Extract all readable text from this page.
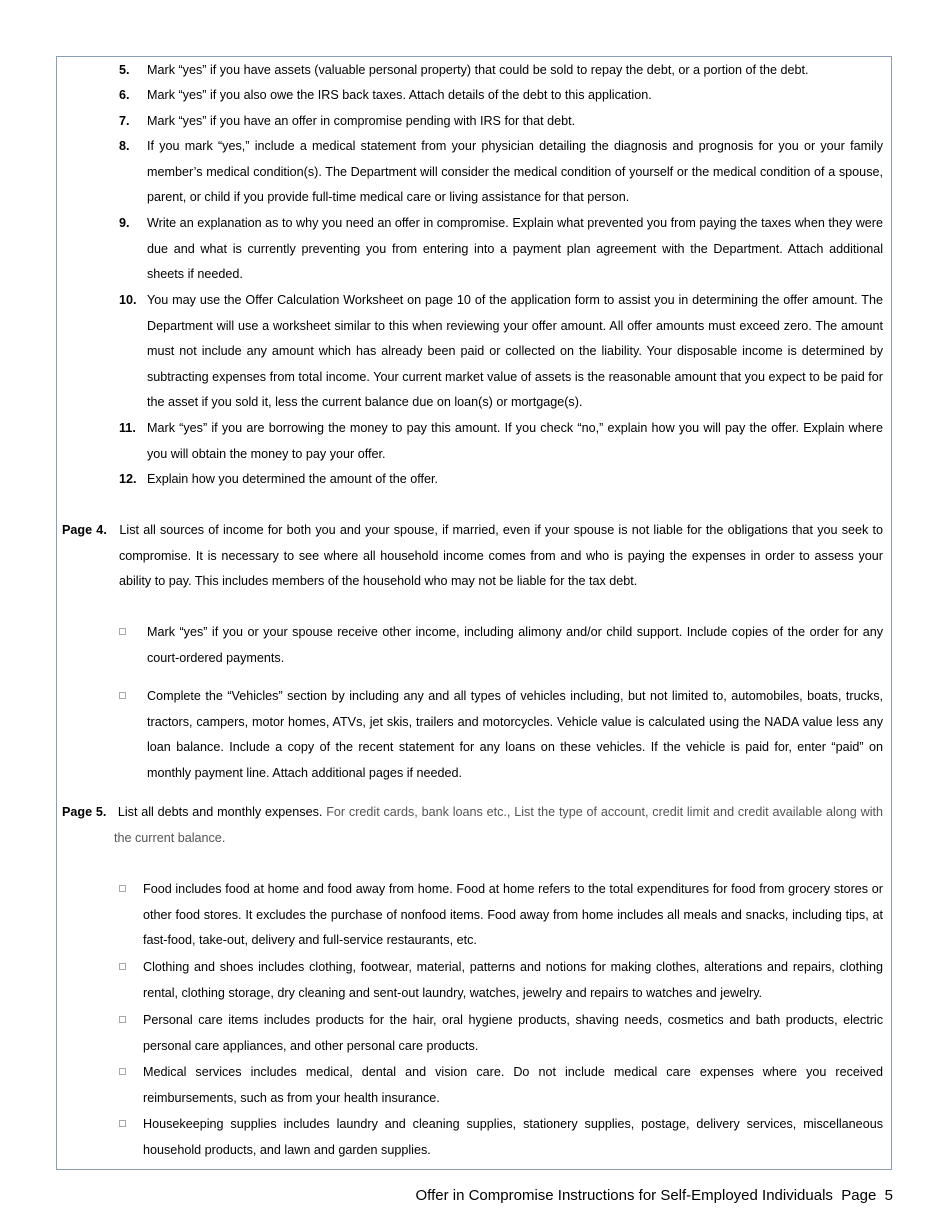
5.	Mark “yes” if you have assets (valuable personal property) that could be sold to repay the debt, or a portion of the debt.
6.	Mark “yes” if you also owe the IRS back taxes. Attach details of the debt to this application.
7.	Mark “yes” if you have an offer in compromise pending with IRS for that debt.
8.	If you mark “yes,” include a medical statement from your physician detailing the diagnosis and prognosis for you or your family member’s medical condition(s). The Department will consider the medical condition of yourself or the medical condition of a spouse, parent, or child if you provide full-time medical care or living assistance for that person.
9.	Write an explanation as to why you need an offer in compromise. Explain what prevented you from paying the taxes when they were due and what is currently preventing you from entering into a payment plan agreement with the Department. Attach additional sheets if needed.
10. You may use the Offer Calculation Worksheet on page 10 of the application form to assist you in determining the offer amount. The Department will use a worksheet similar to this when reviewing your offer amount. All offer amounts must exceed zero. The amount must not include any amount which has already been paid or collected on the liability. Your disposable income is determined by subtracting expenses from total income. Your current market value of assets is the reasonable amount that you expect to be paid for the asset if you sold it, less the current balance due on loan(s) or mortgage(s).
11. Mark “yes” if you are borrowing the money to pay this amount. If you check “no,” explain how you will pay the offer. Explain where you will obtain the money to pay your offer.
12. Explain how you determined the amount of the offer.
Page 4. List all sources of income for both you and your spouse, if married, even if your spouse is not liable for the obligations that you seek to compromise. It is necessary to see where all household income comes from and who is paying the expenses in order to assess your ability to pay. This includes members of the household who may not be liable for the tax debt.
Mark “yes” if you or your spouse receive other income, including alimony and/or child support. Include copies of the order for any court-ordered payments.
Complete the “Vehicles” section by including any and all types of vehicles including, but not limited to, automobiles, boats, trucks, tractors, campers, motor homes, ATVs, jet skis, trailers and motorcycles. Vehicle value is calculated using the NADA value less any loan balance. Include a copy of the recent statement for any loans on these vehicles. If the vehicle is paid for, enter “paid” on monthly payment line. Attach additional pages if needed.
Page 5. List all debts and monthly expenses. For credit cards, bank loans etc., List the type of account, credit limit and credit available along with the current balance.
Food includes food at home and food away from home. Food at home refers to the total expenditures for food from grocery stores or other food stores. It excludes the purchase of nonfood items. Food away from home includes all meals and snacks, including tips, at fast-food, take-out, delivery and full-service restaurants, etc.
Clothing and shoes includes clothing, footwear, material, patterns and notions for making clothes, alterations and repairs, clothing rental, clothing storage, dry cleaning and sent-out laundry, watches, jewelry and repairs to watches and jewelry.
Personal care items includes products for the hair, oral hygiene products, shaving needs, cosmetics and bath products, electric personal care appliances, and other personal care products.
Medical services includes medical, dental and vision care. Do not include medical care expenses where you received reimbursements, such as from your health insurance.
Housekeeping supplies includes laundry and cleaning supplies, stationery supplies, postage, delivery services, miscellaneous household products, and lawn and garden supplies.
Offer in Compromise Instructions for Self-Employed Individuals Page 5
